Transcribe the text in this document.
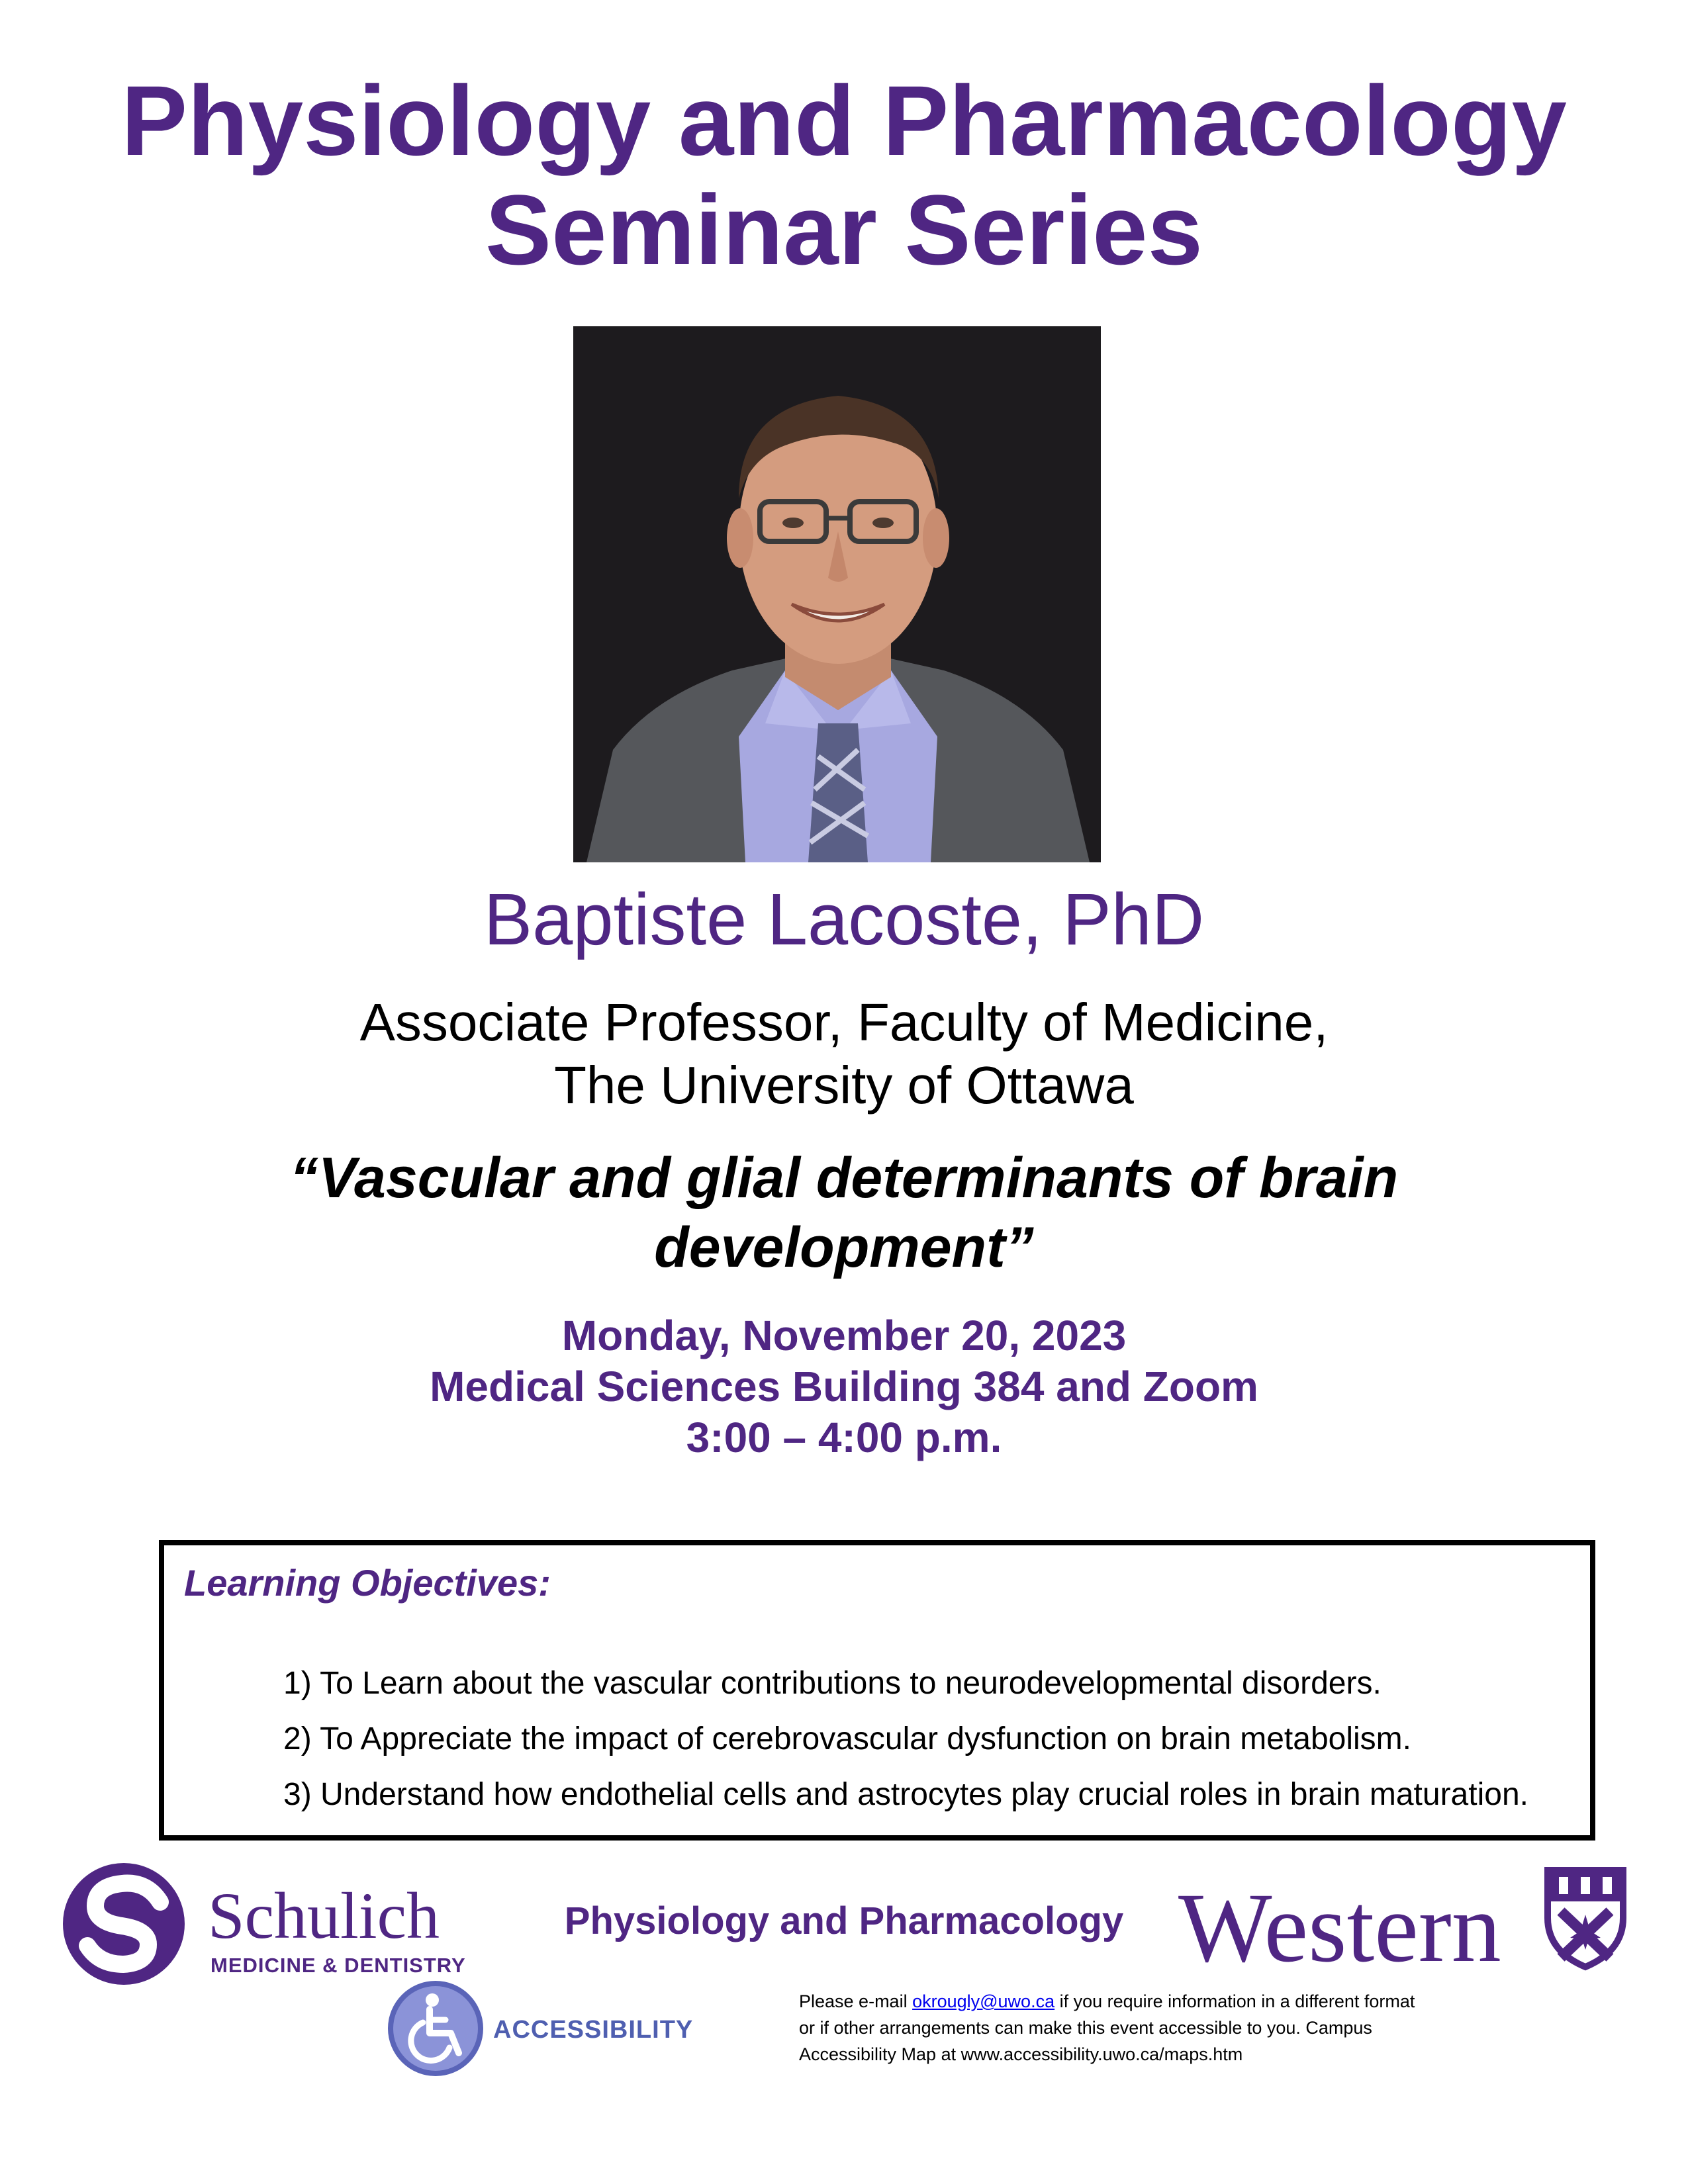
Physiology and Pharmacology
Seminar Series
Baptiste Lacoste, PhD
Associate Professor, Faculty of Medicine,
The University of Ottawa
“Vascular and glial determinants of brain
development”
Monday, November 20, 2023
Medical Sciences Building 384 and Zoom
3:00 – 4:00 p.m.
Learning Objectives:
1) To Learn about the vascular contributions to neurodevelopmental disorders.
2) To Appreciate the impact of cerebrovascular dysfunction on brain metabolism.
3) Understand how endothelial cells and astrocytes play crucial roles in brain maturation.
Schulich
MEDICINE & DENTISTRY
Physiology and Pharmacology Western
ACCESSIBILITY
Please e-mail okrougly@uwo.ca if you require information in a different format
or if other arrangements can make this event accessible to you. Campus
Accessibility Map at www.accessibility.uwo.ca/maps.htm
